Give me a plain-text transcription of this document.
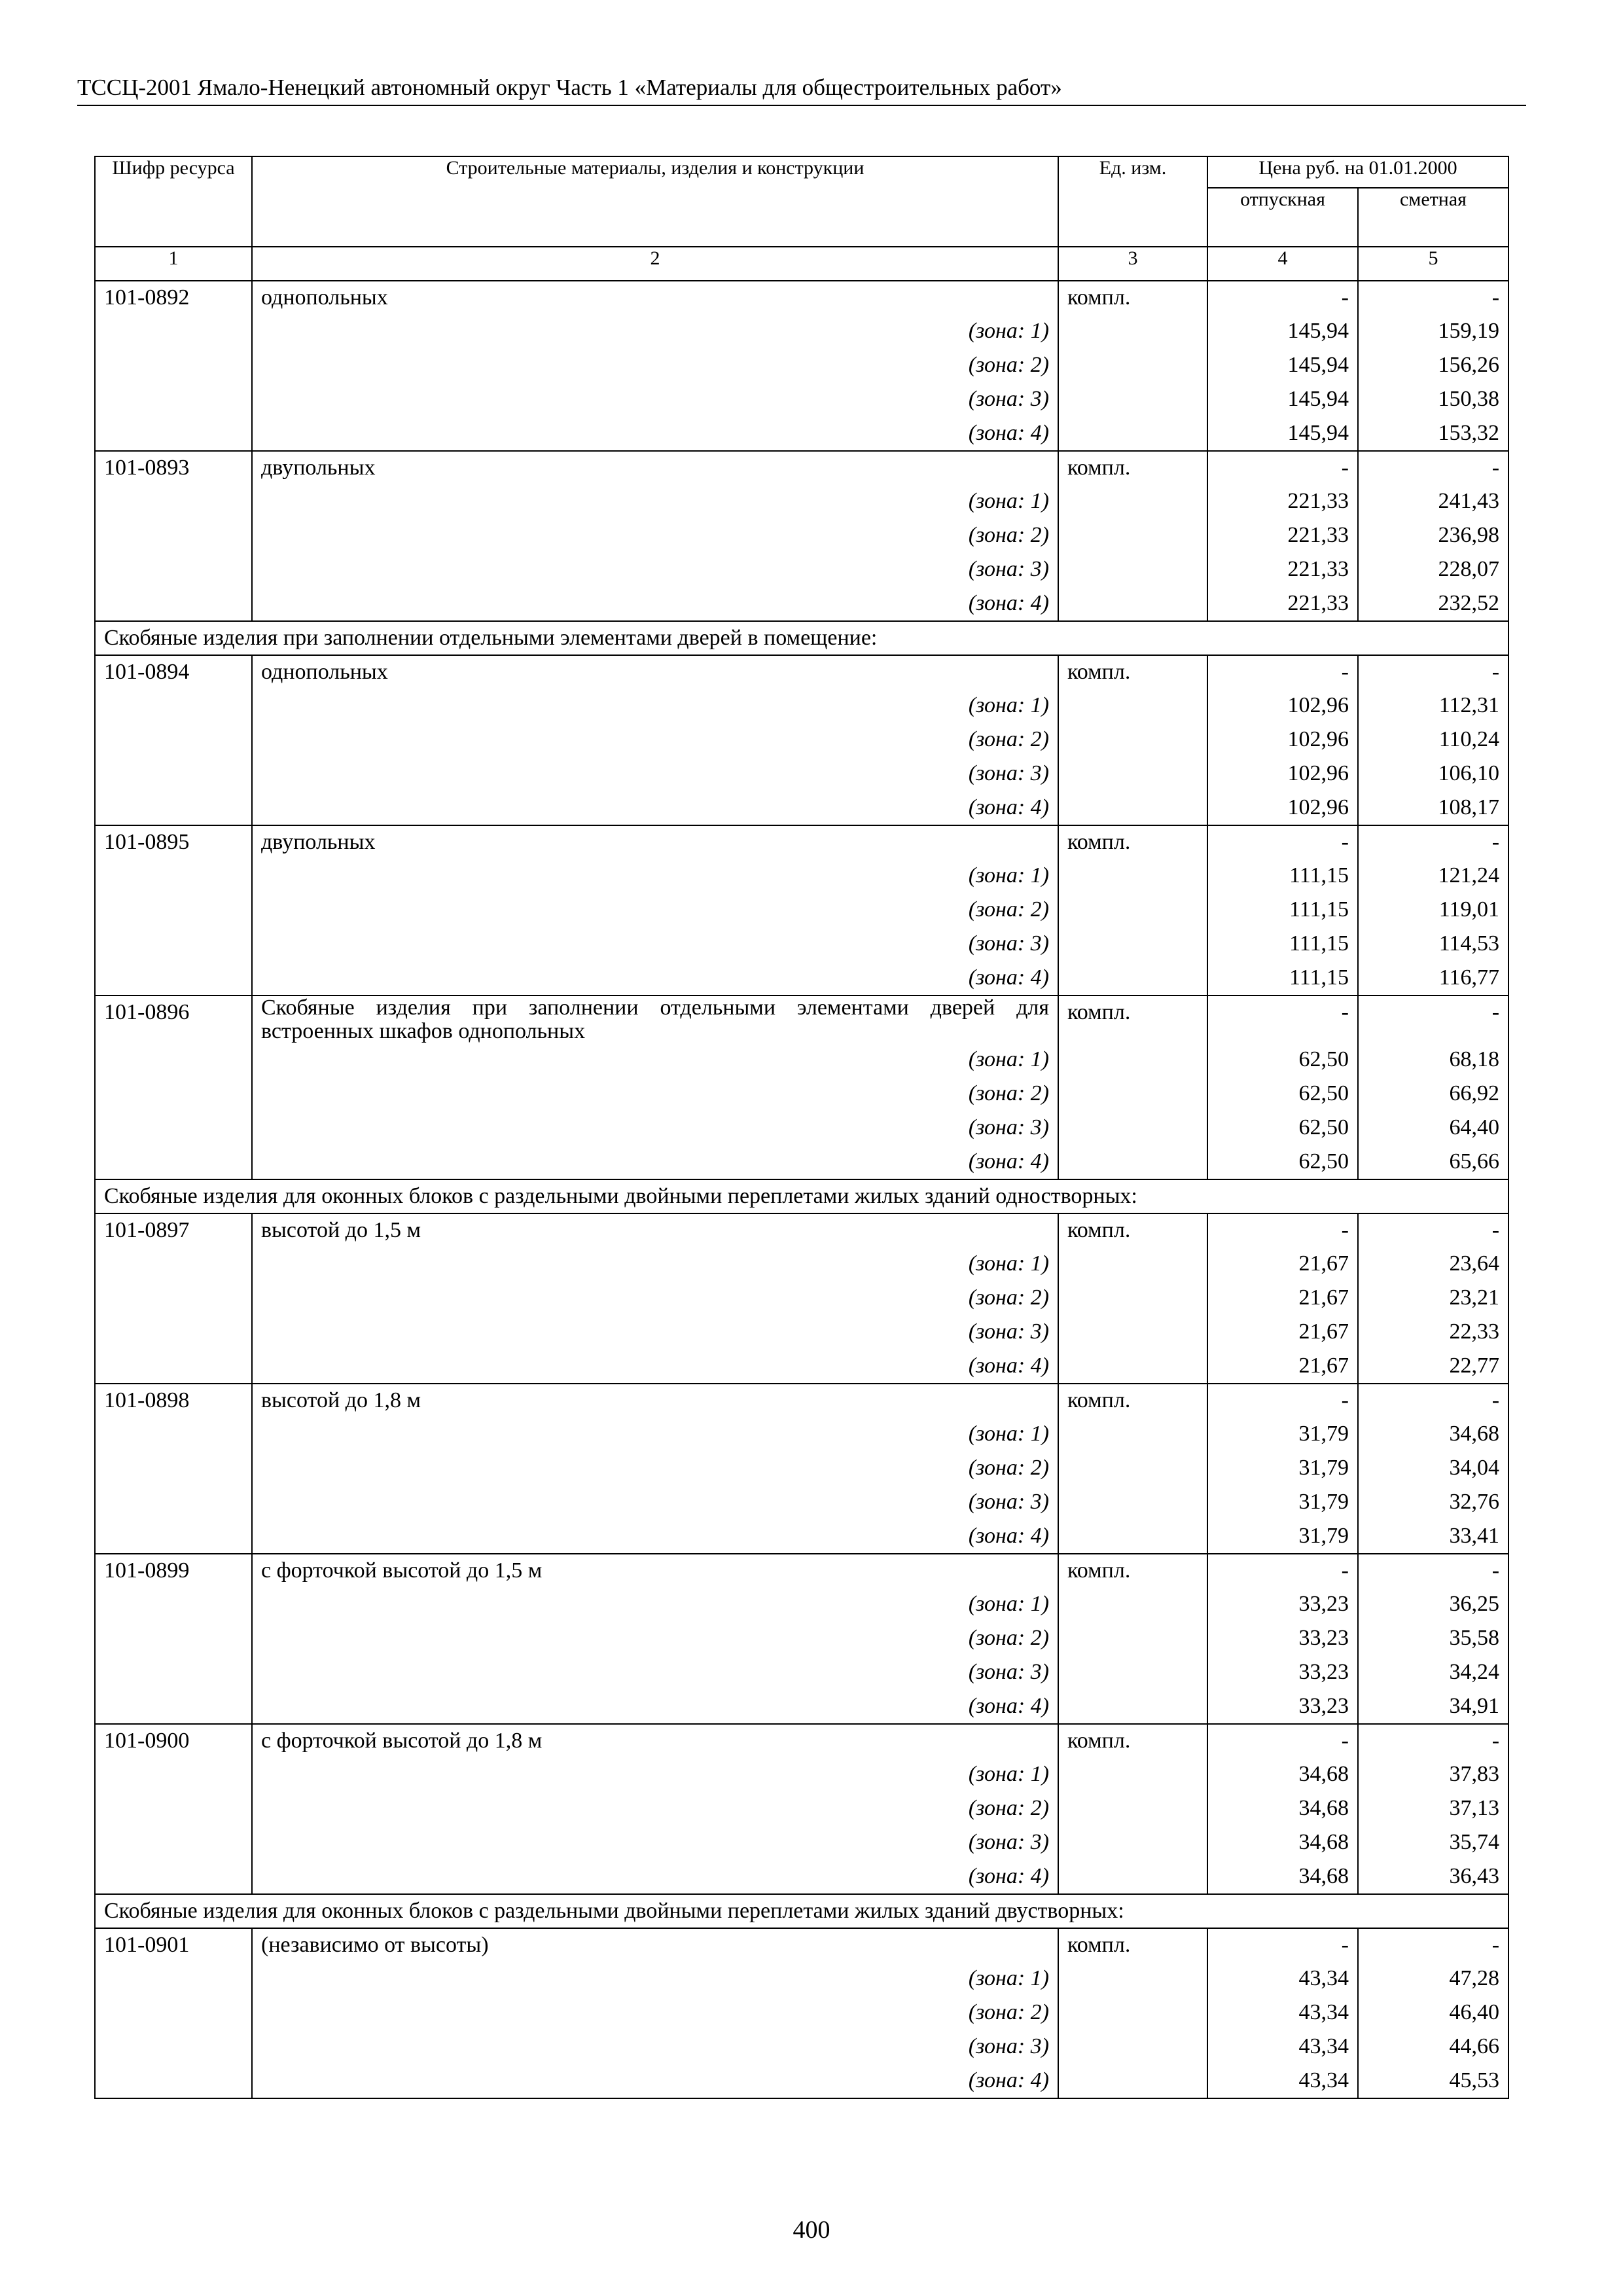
ТССЦ-2001 Ямало-Ненецкий автономный округ Часть 1 «Материалы для общестроительных работ»
Шифр ресурса	Строительные материалы, изделия и конструкции	Ед. изм.	Цена руб. на 01.01.2000	
			отпускная	сметная
1	2	3	4	5
101-0892	однопольных	компл.	-	-
	(зона: 1)		145,94	159,19
	(зона: 2)		145,94	156,26
	(зона: 3)		145,94	150,38
	(зона: 4)		145,94	153,32
101-0893	двупольных	компл.	-	-
	(зона: 1)		221,33	241,43
	(зона: 2)		221,33	236,98
	(зона: 3)		221,33	228,07
	(зона: 4)		221,33	232,52
Скобяные изделия при заполнении отдельными элементами дверей в помещение:				
101-0894	однопольных	компл.	-	-
	(зона: 1)		102,96	112,31
	(зона: 2)		102,96	110,24
	(зона: 3)		102,96	106,10
	(зона: 4)		102,96	108,17
101-0895	двупольных	компл.	-	-
	(зона: 1)		111,15	121,24
	(зона: 2)		111,15	119,01
	(зона: 3)		111,15	114,53
	(зона: 4)		111,15	116,77
101-0896	Скобяные изделия при заполнении отдельными элементами дверей для встроенных шкафов однопольных	компл.	-	-
	(зона: 1)		62,50	68,18
	(зона: 2)		62,50	66,92
	(зона: 3)		62,50	64,40
	(зона: 4)		62,50	65,66
Скобяные изделия для оконных блоков с раздельными двойными переплетами жилых зданий одностворных:				
101-0897	высотой до 1,5 м	компл.	-	-
	(зона: 1)		21,67	23,64
	(зона: 2)		21,67	23,21
	(зона: 3)		21,67	22,33
	(зона: 4)		21,67	22,77
101-0898	высотой до 1,8 м	компл.	-	-
	(зона: 1)		31,79	34,68
	(зона: 2)		31,79	34,04
	(зона: 3)		31,79	32,76
	(зона: 4)		31,79	33,41
101-0899	с форточкой высотой до 1,5 м	компл.	-	-
	(зона: 1)		33,23	36,25
	(зона: 2)		33,23	35,58
	(зона: 3)		33,23	34,24
	(зона: 4)		33,23	34,91
101-0900	с форточкой высотой до 1,8 м	компл.	-	-
	(зона: 1)		34,68	37,83
	(зона: 2)		34,68	37,13
	(зона: 3)		34,68	35,74
	(зона: 4)		34,68	36,43
Скобяные изделия для оконных блоков с раздельными двойными переплетами жилых зданий двустворных:				
101-0901	(независимо от высоты)	компл.	-	-
	(зона: 1)		43,34	47,28
	(зона: 2)		43,34	46,40
	(зона: 3)		43,34	44,66
	(зона: 4)		43,34	45,53
400
